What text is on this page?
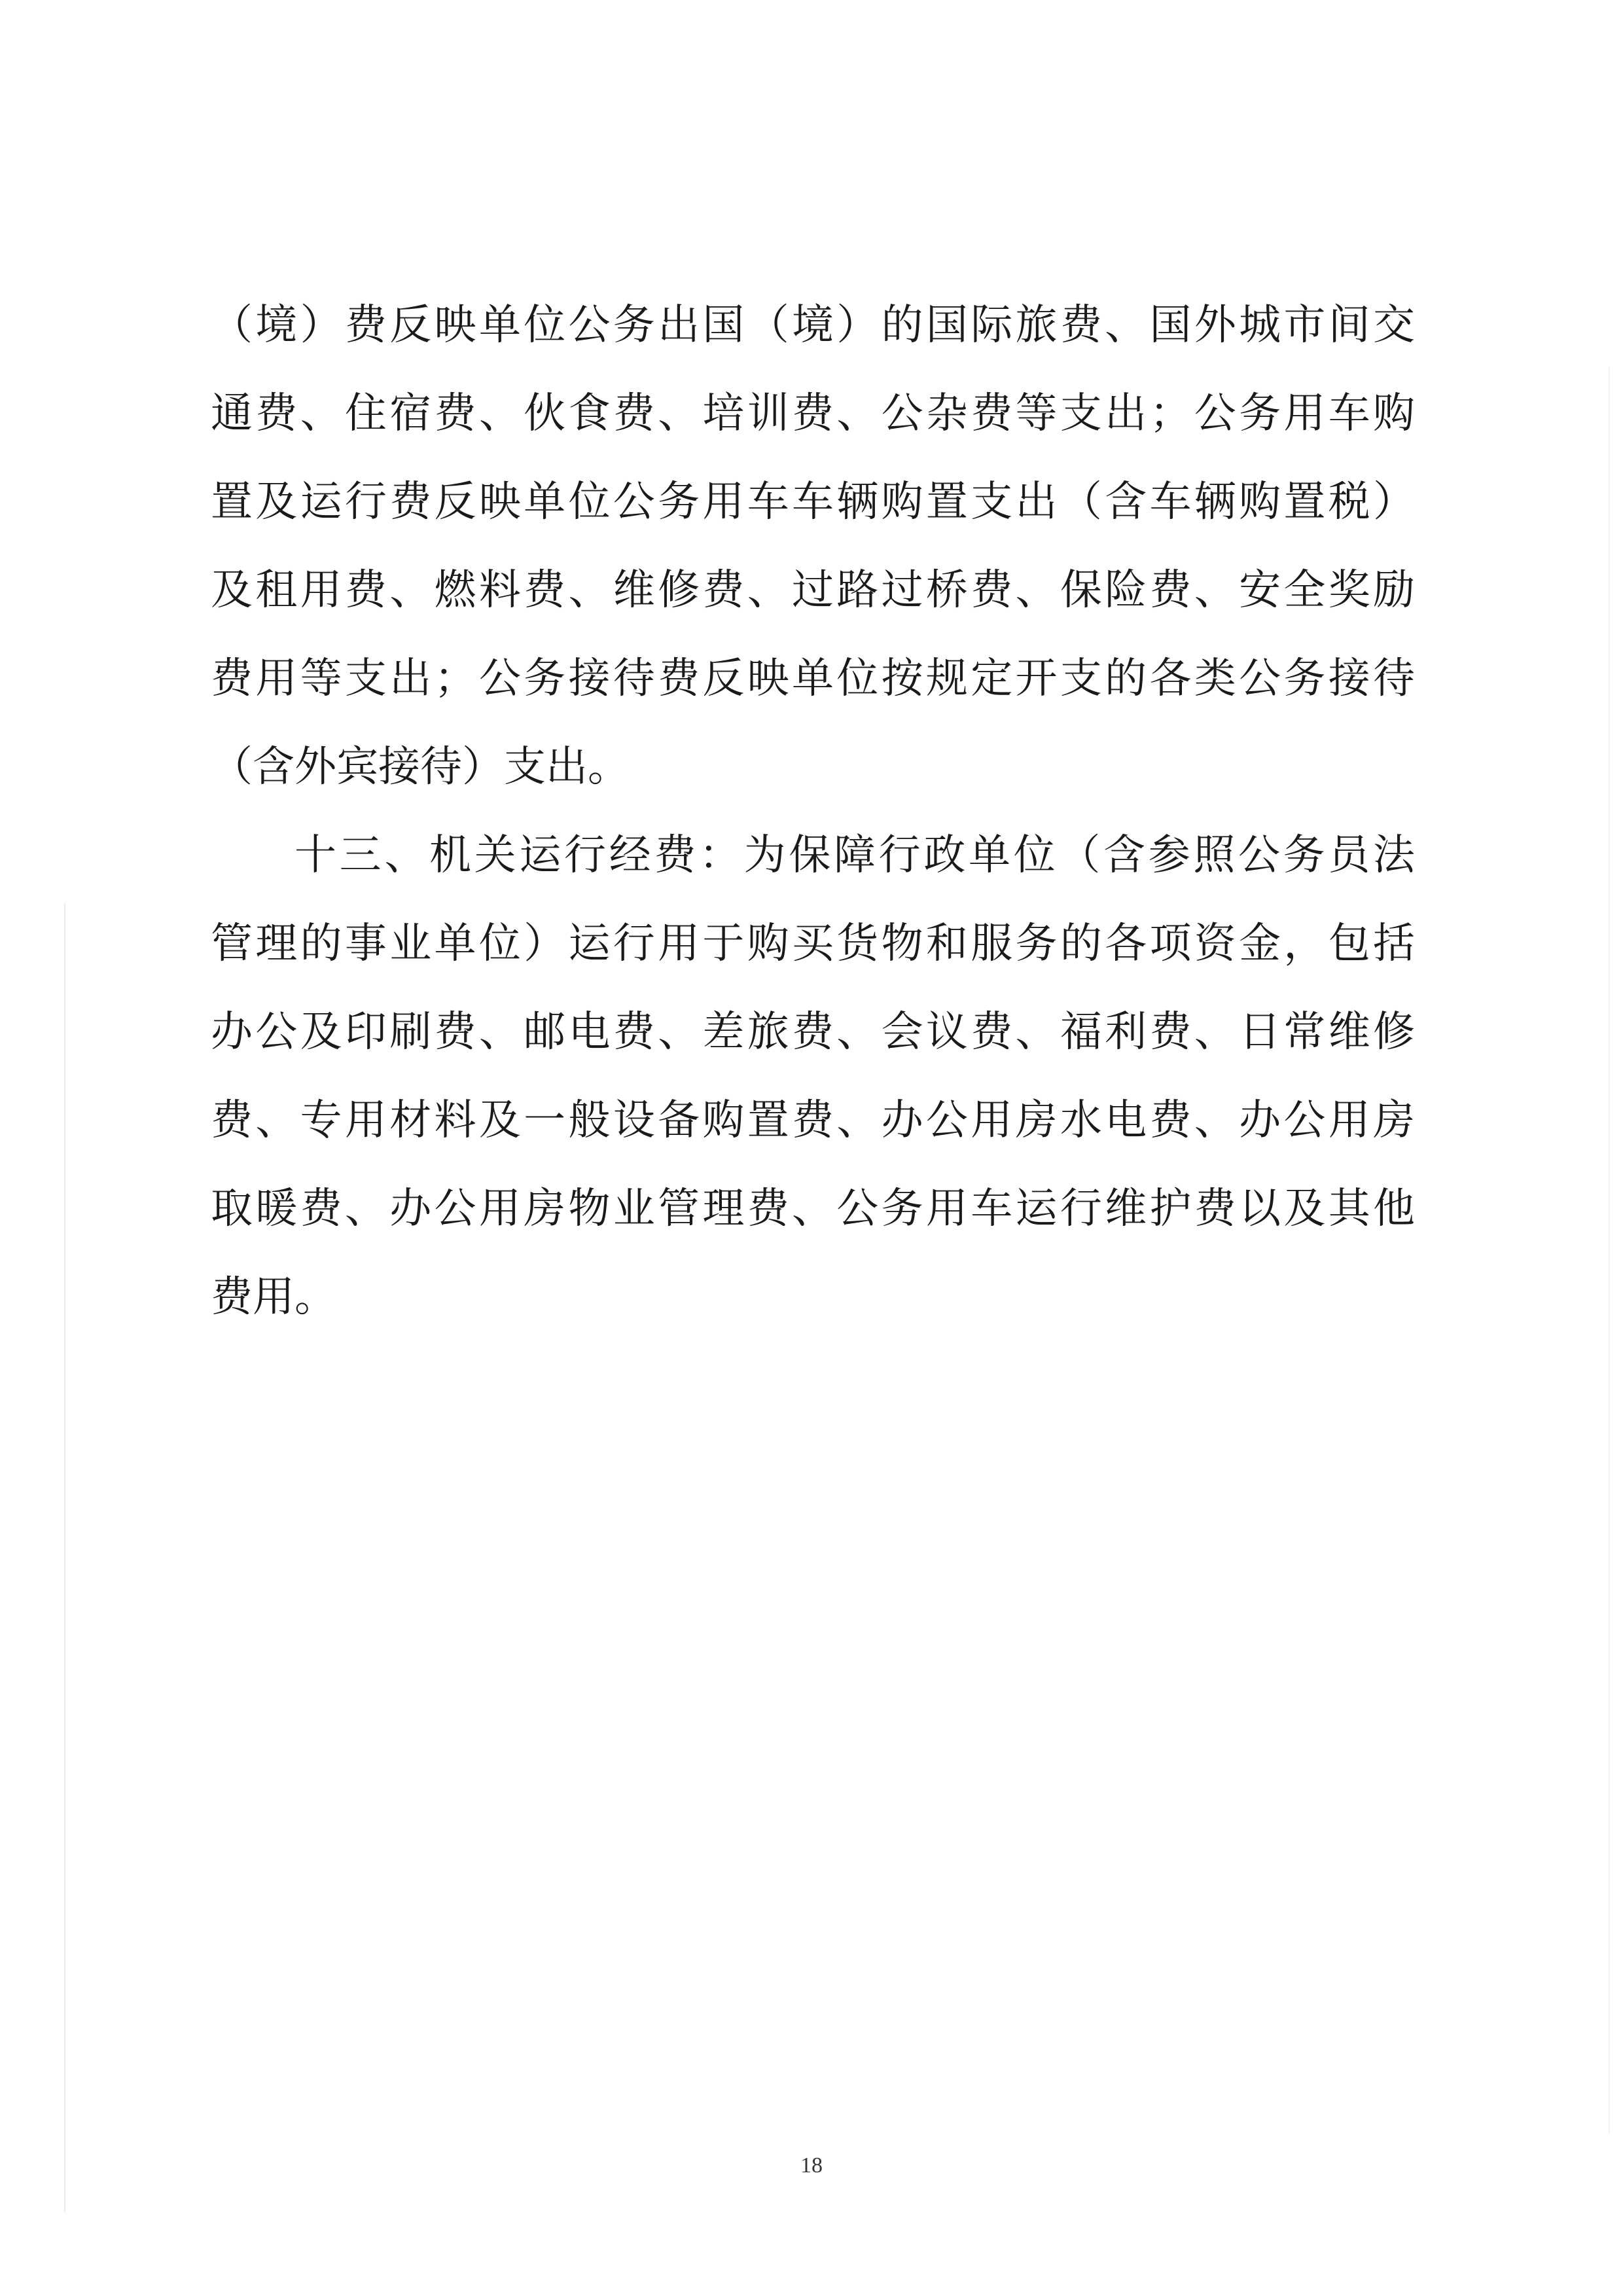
（境）费反映单位公务出国（境）的国际旅费、国外城市间交
通费、住宿费、伙食费、培训费、公杂费等支出；公务用车购
置及运行费反映单位公务用车车辆购置支出（含车辆购置税）
及租用费、燃料费、维修费、过路过桥费、保险费、安全奖励
费用等支出；公务接待费反映单位按规定开支的各类公务接待
（含外宾接待）支出。
十三、机关运行经费：为保障行政单位（含参照公务员法
管理的事业单位）运行用于购买货物和服务的各项资金，包括
办公及印刷费、邮电费、差旅费、会议费、福利费、日常维修
费、专用材料及一般设备购置费、办公用房水电费、办公用房
取暖费、办公用房物业管理费、公务用车运行维护费以及其他
费用。
18
